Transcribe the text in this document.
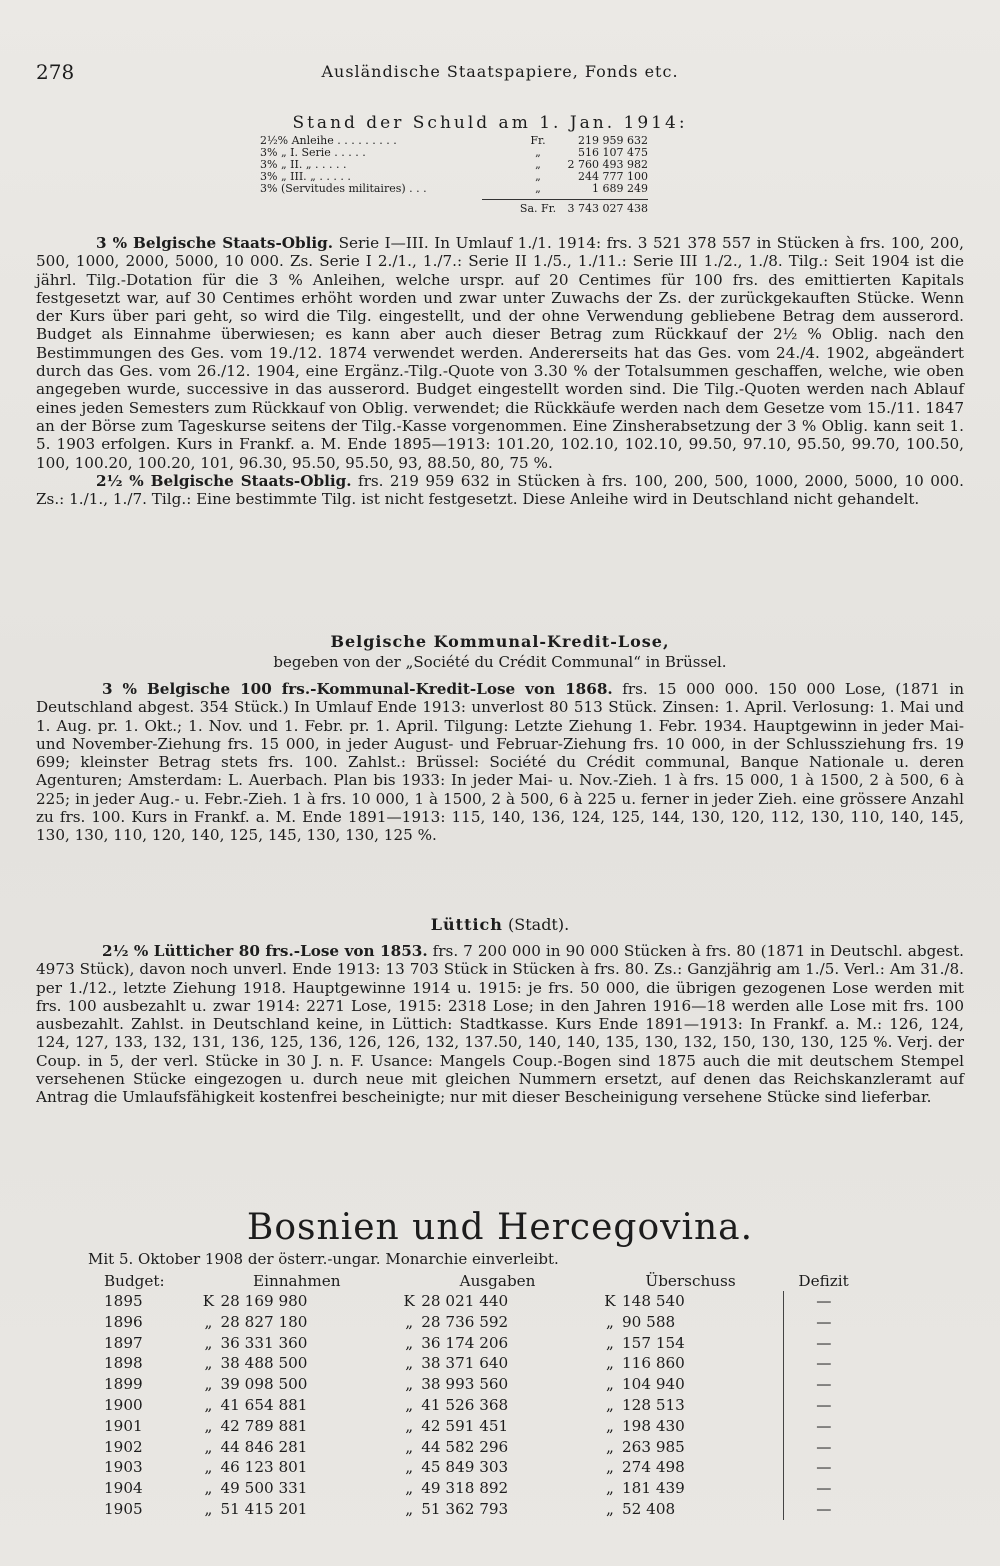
278	Ausländische Staatspapiere, Fonds etc.
Stand der Schuld am 1. Jan. 1914:
2½% Anleihe . . . . . . . . .	Fr.	219 959 632
3% „ I. Serie . . . . .	„	516 107 475
3% „ II. „ . . . . .	„	2 760 493 982
3% „ III. „ . . . . .	„	244 777 100
3% (Servitudes militaires) . . .	„	1 689 249
Sa. Fr.	3 743 027 438
3 % Belgische Staats-Oblig. Serie I—III. In Umlauf 1./1. 1914: frs. 3 521 378 557 in Stücken à frs. 100, 200, 500, 1000, 2000, 5000, 10 000. Zs. Serie I 2./1., 1./7.: Serie II 1./5., 1./11.: Serie III 1./2., 1./8. Tilg.: Seit 1904 ist die jährl. Tilg.-Dotation für die 3 % Anleihen, welche urspr. auf 20 Centimes für 100 frs. des emittierten Kapitals festgesetzt war, auf 30 Centimes erhöht worden und zwar unter Zuwachs der Zs. der zurückgekauften Stücke. Wenn der Kurs über pari geht, so wird die Tilg. eingestellt, und der ohne Verwendung gebliebene Betrag dem ausserord. Budget als Einnahme überwiesen; es kann aber auch dieser Betrag zum Rückkauf der 2½ % Oblig. nach den Bestimmungen des Ges. vom 19./12. 1874 verwendet werden. Andererseits hat das Ges. vom 24./4. 1902, abgeändert durch das Ges. vom 26./12. 1904, eine Ergänz.-Tilg.-Quote von 3.30 % der Totalsummen geschaffen, welche, wie oben angegeben wurde, successive in das ausserord. Budget eingestellt worden sind. Die Tilg.-Quoten werden nach Ablauf eines jeden Semesters zum Rückkauf von Oblig. verwendet; die Rückkäufe werden nach dem Gesetze vom 15./11. 1847 an der Börse zum Tageskurse seitens der Tilg.-Kasse vorgenommen. Eine Zinsherabsetzung der 3 % Oblig. kann seit 1. 5. 1903 erfolgen. Kurs in Frankf. a. M. Ende 1895—1913: 101.20, 102.10, 102.10, 99.50, 97.10, 95.50, 99.70, 100.50, 100, 100.20, 100.20, 101, 96.30, 95.50, 95.50, 93, 88.50, 80, 75 %.
2½ % Belgische Staats-Oblig. frs. 219 959 632 in Stücken à frs. 100, 200, 500, 1000, 2000, 5000, 10 000. Zs.: 1./1., 1./7. Tilg.: Eine bestimmte Tilg. ist nicht festgesetzt. Diese Anleihe wird in Deutschland nicht gehandelt.
Belgische Kommunal-Kredit-Lose,
begeben von der „Société du Crédit Communal“ in Brüssel.
3 % Belgische 100 frs.-Kommunal-Kredit-Lose von 1868. frs. 15 000 000. 150 000 Lose, (1871 in Deutschland abgest. 354 Stück.) In Umlauf Ende 1913: unverlost 80 513 Stück. Zinsen: 1. April. Verlosung: 1. Mai und 1. Aug. pr. 1. Okt.; 1. Nov. und 1. Febr. pr. 1. April. Tilgung: Letzte Ziehung 1. Febr. 1934. Hauptgewinn in jeder Mai- und November-Ziehung frs. 15 000, in jeder August- und Februar-Ziehung frs. 10 000, in der Schlussziehung frs. 19 699; kleinster Betrag stets frs. 100. Zahlst.: Brüssel: Société du Crédit communal, Banque Nationale u. deren Agenturen; Amsterdam: L. Auerbach. Plan bis 1933: In jeder Mai- u. Nov.-Zieh. 1 à frs. 15 000, 1 à 1500, 2 à 500, 6 à 225; in jeder Aug.- u. Febr.-Zieh. 1 à frs. 10 000, 1 à 1500, 2 à 500, 6 à 225 u. ferner in jeder Zieh. eine grössere Anzahl zu frs. 100. Kurs in Frankf. a. M. Ende 1891—1913: 115, 140, 136, 124, 125, 144, 130, 120, 112, 130, 110, 140, 145, 130, 130, 110, 120, 140, 125, 145, 130, 130, 125 %.
Lüttich (Stadt).
2½ % Lütticher 80 frs.-Lose von 1853. frs. 7 200 000 in 90 000 Stücken à frs. 80 (1871 in Deutschl. abgest. 4973 Stück), davon noch unverl. Ende 1913: 13 703 Stück in Stücken à frs. 80. Zs.: Ganzjährig am 1./5. Verl.: Am 31./8. per 1./12., letzte Ziehung 1918. Hauptgewinne 1914 u. 1915: je frs. 50 000, die übrigen gezogenen Lose werden mit frs. 100 ausbezahlt u. zwar 1914: 2271 Lose, 1915: 2318 Lose; in den Jahren 1916—18 werden alle Lose mit frs. 100 ausbezahlt. Zahlst. in Deutschland keine, in Lüttich: Stadtkasse. Kurs Ende 1891—1913: In Frankf. a. M.: 126, 124, 124, 127, 133, 132, 131, 136, 125, 136, 126, 126, 132, 137.50, 140, 140, 135, 130, 132, 150, 130, 130, 125 %. Verj. der Coup. in 5, der verl. Stücke in 30 J. n. F. Usance: Mangels Coup.-Bogen sind 1875 auch die mit deutschem Stempel versehenen Stücke eingezogen u. durch neue mit gleichen Nummern ersetzt, auf denen das Reichskanzleramt auf Antrag die Umlaufsfähigkeit kostenfrei bescheinigte; nur mit dieser Bescheinigung versehene Stücke sind lieferbar.
Bosnien und Hercegovina.
Mit 5. Oktober 1908 der österr.-ungar. Monarchie einverleibt.
Budget:	Einnahmen		Ausgaben		Überschuss		Defizit
1895	K	28 169 980	K	28 021 440	K	148 540	—
1896	„	28 827 180	„	28 736 592	„	90 588	—
1897	„	36 331 360	„	36 174 206	„	157 154	—
1898	„	38 488 500	„	38 371 640	„	116 860	—
1899	„	39 098 500	„	38 993 560	„	104 940	—
1900	„	41 654 881	„	41 526 368	„	128 513	—
1901	„	42 789 881	„	42 591 451	„	198 430	—
1902	„	44 846 281	„	44 582 296	„	263 985	—
1903	„	46 123 801	„	45 849 303	„	274 498	—
1904	„	49 500 331	„	49 318 892	„	181 439	—
1905	„	51 415 201	„	51 362 793	„	52 408	—
